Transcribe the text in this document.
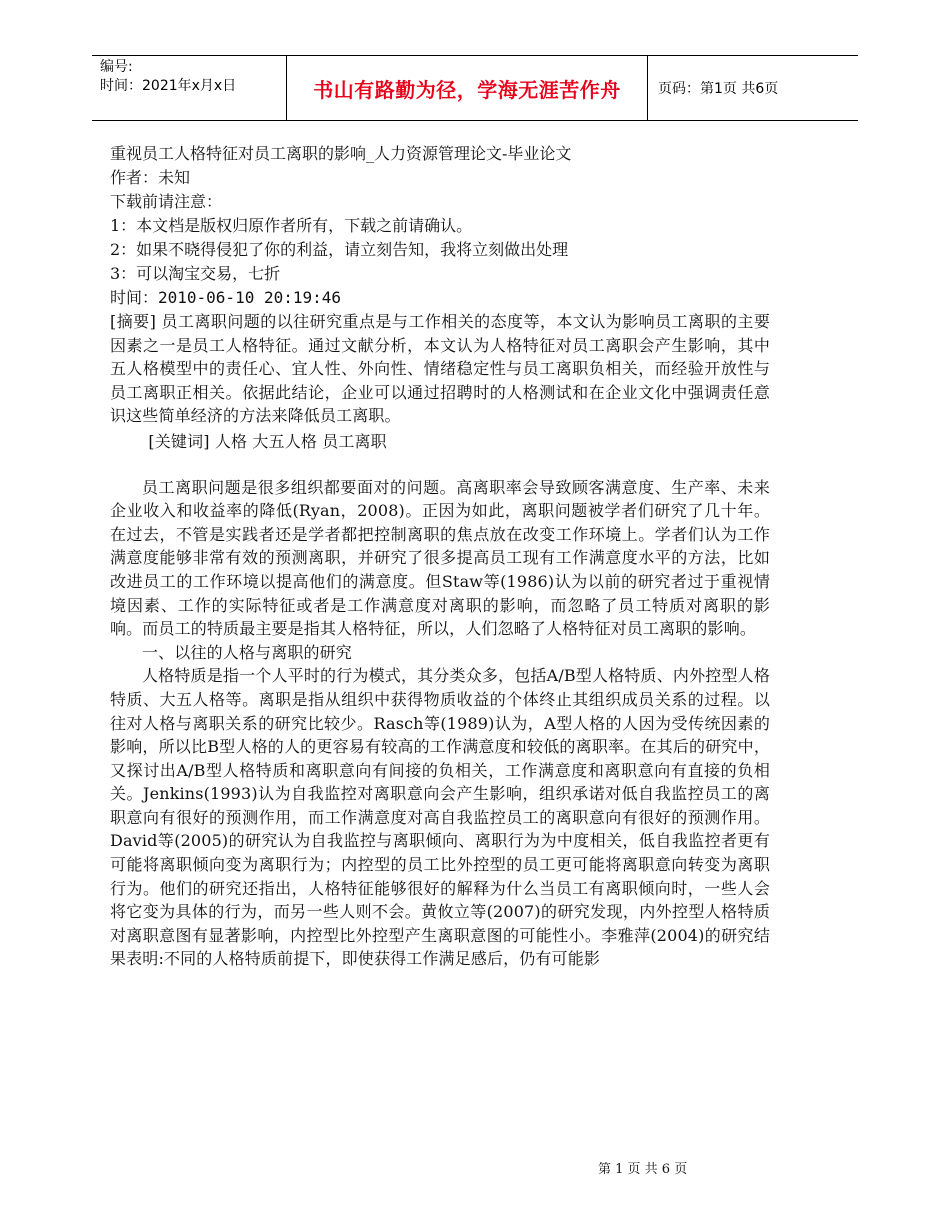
编号:
时间：2021年x月x日	书山有路勤为径，学海无涯苦作舟	页码：第1页 共6页

重视员工人格特征对员工离职的影响_人力资源管理论文-毕业论文

作者：未知

下载前请注意：

1：本文档是版权归原作者所有，下载之前请确认。

2：如果不晓得侵犯了你的利益，请立刻告知，我将立刻做出处理

3：可以淘宝交易，七折

时间：2010-06-10 20:19:46

[摘要] 员工离职问题的以往研究重点是与工作相关的态度等，本文认为影响员工离职的主要因素之一是员工人格特征。通过文献分析，本文认为人格特征对员工离职会产生影响，其中五人格模型中的责任心、宜人性、外向性、情绪稳定性与员工离职负相关，而经验开放性与员工离职正相关。依据此结论，企业可以通过招聘时的人格测试和在企业文化中强调责任意识这些简单经济的方法来降低员工离职。

[关键词] 人格 大五人格 员工离职

员工离职问题是很多组织都要面对的问题。高离职率会导致顾客满意度、生产率、未来企业收入和收益率的降低(Ryan，2008)。正因为如此，离职问题被学者们研究了几十年。在过去，不管是实践者还是学者都把控制离职的焦点放在改变工作环境上。学者们认为工作满意度能够非常有效的预测离职，并研究了很多提高员工现有工作满意度水平的方法，比如改进员工的工作环境以提高他们的满意度。但Staw等(1986)认为以前的研究者过于重视情境因素、工作的实际特征或者是工作满意度对离职的影响，而忽略了员工特质对离职的影响。而员工的特质最主要是指其人格特征，所以，人们忽略了人格特征对员工离职的影响。

一、以往的人格与离职的研究

人格特质是指一个人平时的行为模式，其分类众多，包括A/B型人格特质、内外控型人格特质、大五人格等。离职是指从组织中获得物质收益的个体终止其组织成员关系的过程。以往对人格与离职关系的研究比较少。Rasch等(1989)认为，A型人格的人因为受传统因素的影响，所以比B型人格的人的更容易有较高的工作满意度和较低的离职率。在其后的研究中，又探讨出A/B型人格特质和离职意向有间接的负相关，工作满意度和离职意向有直接的负相关。Jenkins(1993)认为自我监控对离职意向会产生影响，组织承诺对低自我监控员工的离职意向有很好的预测作用，而工作满意度对高自我监控员工的离职意向有很好的预测作用。David等(2005)的研究认为自我监控与离职倾向、离职行为为中度相关，低自我监控者更有可能将离职倾向变为离职行为；内控型的员工比外控型的员工更可能将离职意向转变为离职行为。他们的研究还指出，人格特征能够很好的解释为什么当员工有离职倾向时，一些人会将它变为具体的行为，而另一些人则不会。黄攸立等(2007)的研究发现，内外控型人格特质对离职意图有显著影响，内控型比外控型产生离职意图的可能性小。李雅萍(2004)的研究结果表明:不同的人格特质前提下，即使获得工作满足感后，仍有可能影

第 1 页 共 6 页
